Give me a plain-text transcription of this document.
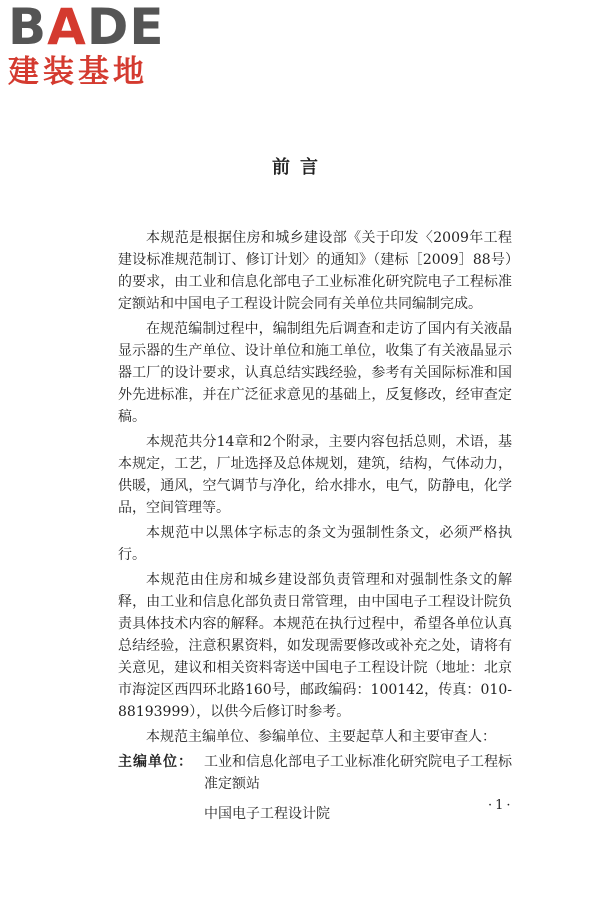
BADE
建装基地
前言

本规范是根据住房和城乡建设部《关于印发〈2009年工程建设标准规范制订、修订计划〉的通知》（建标［2009］88号）的要求，由工业和信息化部电子工业标准化研究院电子工程标准定额站和中国电子工程设计院会同有关单位共同编制完成。

在规范编制过程中，编制组先后调查和走访了国内有关液晶显示器的生产单位、设计单位和施工单位，收集了有关液晶显示器工厂的设计要求，认真总结实践经验，参考有关国际标准和国外先进标准，并在广泛征求意见的基础上，反复修改，经审查定稿。

本规范共分14章和2个附录，主要内容包括总则，术语，基本规定，工艺，厂址选择及总体规划，建筑，结构，气体动力，供暖，通风，空气调节与净化，给水排水，电气，防静电，化学品，空间管理等。

本规范中以黑体字标志的条文为强制性条文，必须严格执行。

本规范由住房和城乡建设部负责管理和对强制性条文的解释，由工业和信息化部负责日常管理，由中国电子工程设计院负责具体技术内容的解释。本规范在执行过程中，希望各单位认真总结经验，注意积累资料，如发现需要修改或补充之处，请将有关意见，建议和相关资料寄送中国电子工程设计院（地址：北京市海淀区西四环北路160号，邮政编码：100142，传真：010-88193999），以供今后修订时参考。

本规范主编单位、参编单位、主要起草人和主要审查人：

主编单位： 工业和信息化部电子工业标准化研究院电子工程标准定额站
中国电子工程设计院
·1·
